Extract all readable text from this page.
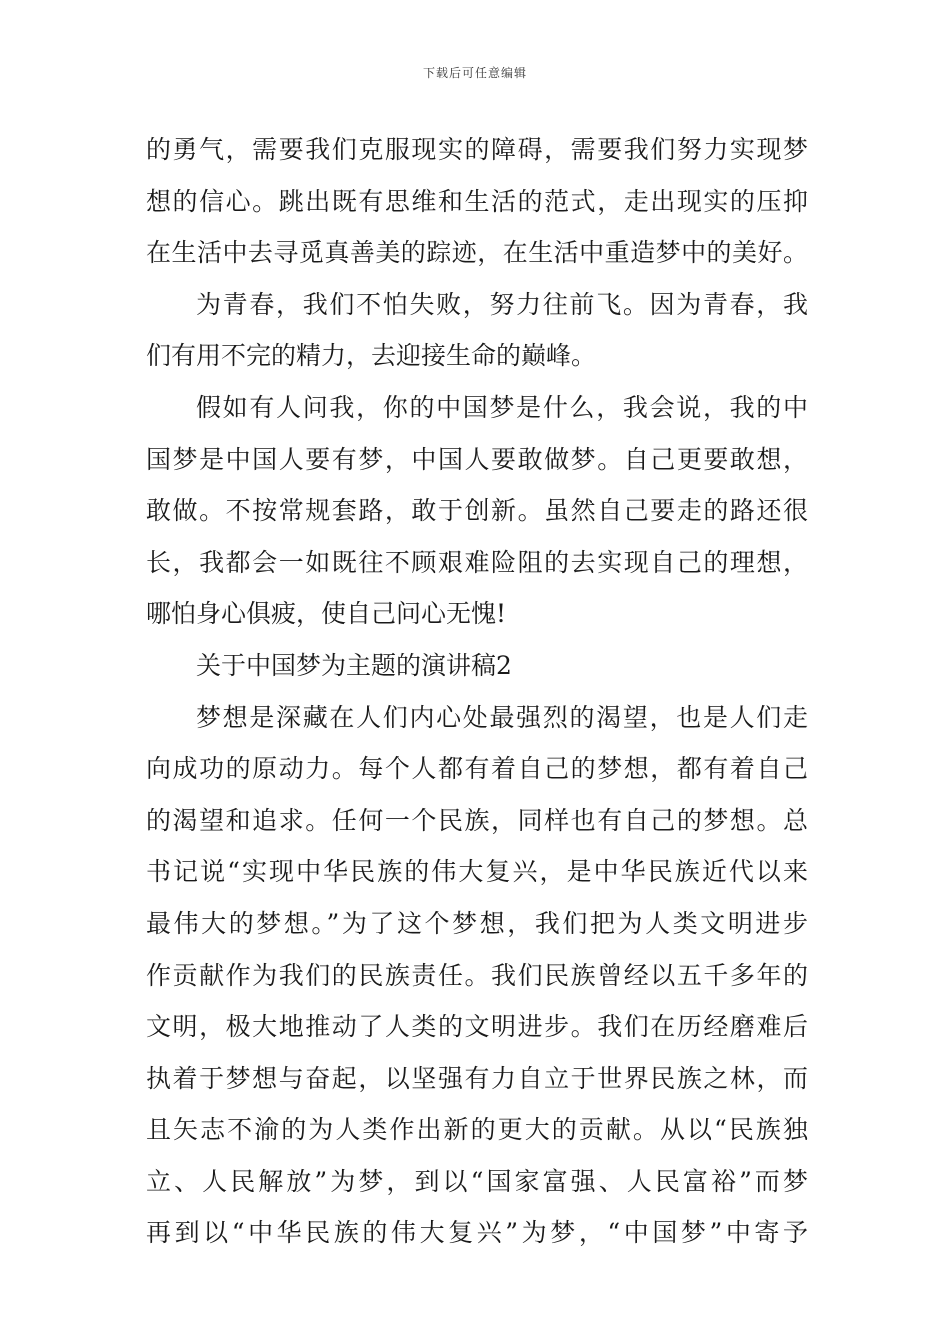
下载后可任意编辑
的勇气，需要我们克服现实的障碍，需要我们努力实现梦
想的信心。跳出既有思维和生活的范式，走出现实的压抑
在生活中去寻觅真善美的踪迹，在生活中重造梦中的美好。
为青春，我们不怕失败，努力往前飞。因为青春，我
们有用不完的精力，去迎接生命的巅峰。
假如有人问我，你的中国梦是什么，我会说，我的中
国梦是中国人要有梦，中国人要敢做梦。自己更要敢想，
敢做。不按常规套路，敢于创新。虽然自己要走的路还很
长，我都会一如既往不顾艰难险阻的去实现自己的理想，
哪怕身心俱疲，使自己问心无愧!
关于中国梦为主题的演讲稿2
梦想是深藏在人们内心处最强烈的渴望，也是人们走
向成功的原动力。每个人都有着自己的梦想，都有着自己
的渴望和追求。任何一个民族，同样也有自己的梦想。总
书记说“实现中华民族的伟大复兴，是中华民族近代以来
最伟大的梦想。”为了这个梦想，我们把为人类文明进步
作贡献作为我们的民族责任。我们民族曾经以五千多年的
文明，极大地推动了人类的文明进步。我们在历经磨难后
执着于梦想与奋起，以坚强有力自立于世界民族之林，而
且矢志不渝的为人类作出新的更大的贡献。从以“民族独
立、人民解放”为梦，到以“国家富强、人民富裕”而梦
再到以“中华民族的伟大复兴”为梦，“中国梦”中寄予
